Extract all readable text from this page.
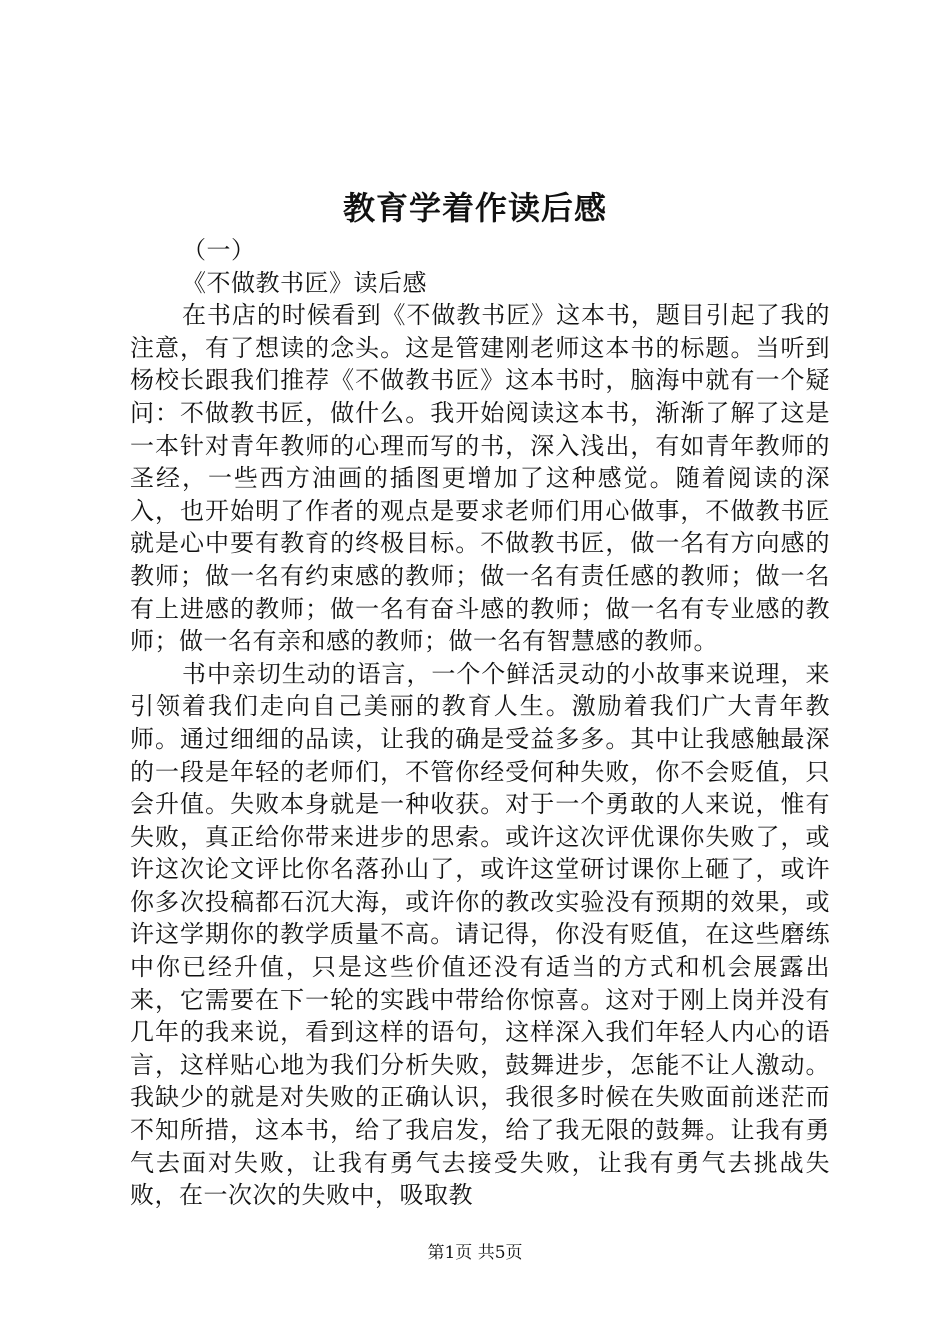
教育学着作读后感

（一）

《不做教书匠》读后感

在书店的时候看到《不做教书匠》这本书，题目引起了我的注意，有了想读的念头。这是管建刚老师这本书的标题。当听到杨校长跟我们推荐《不做教书匠》这本书时，脑海中就有一个疑问：不做教书匠，做什么。我开始阅读这本书，渐渐了解了这是一本针对青年教师的心理而写的书，深入浅出，有如青年教师的圣经，一些西方油画的插图更增加了这种感觉。随着阅读的深入，也开始明了作者的观点是要求老师们用心做事，不做教书匠就是心中要有教育的终极目标。不做教书匠，做一名有方向感的教师；做一名有约束感的教师；做一名有责任感的教师；做一名有上进感的教师；做一名有奋斗感的教师；做一名有专业感的教师；做一名有亲和感的教师；做一名有智慧感的教师。

书中亲切生动的语言，一个个鲜活灵动的小故事来说理，来引领着我们走向自己美丽的教育人生。激励着我们广大青年教师。通过细细的品读，让我的确是受益多多。其中让我感触最深的一段是年轻的老师们，不管你经受何种失败，你不会贬值，只会升值。失败本身就是一种收获。对于一个勇敢的人来说，惟有失败，真正给你带来进步的思索。或许这次评优课你失败了，或许这次论文评比你名落孙山了，或许这堂研讨课你上砸了，或许你多次投稿都石沉大海，或许你的教改实验没有预期的效果，或许这学期你的教学质量不高。请记得，你没有贬值，在这些磨练中你已经升值，只是这些价值还没有适当的方式和机会展露出来，它需要在下一轮的实践中带给你惊喜。这对于刚上岗并没有几年的我来说，看到这样的语句，这样深入我们年轻人内心的语言，这样贴心地为我们分析失败，鼓舞进步，怎能不让人激动。我缺少的就是对失败的正确认识，我很多时候在失败面前迷茫而不知所措，这本书，给了我启发，给了我无限的鼓舞。让我有勇气去面对失败，让我有勇气去接受失败，让我有勇气去挑战失败，在一次次的失败中，吸取教

第1页 共5页
